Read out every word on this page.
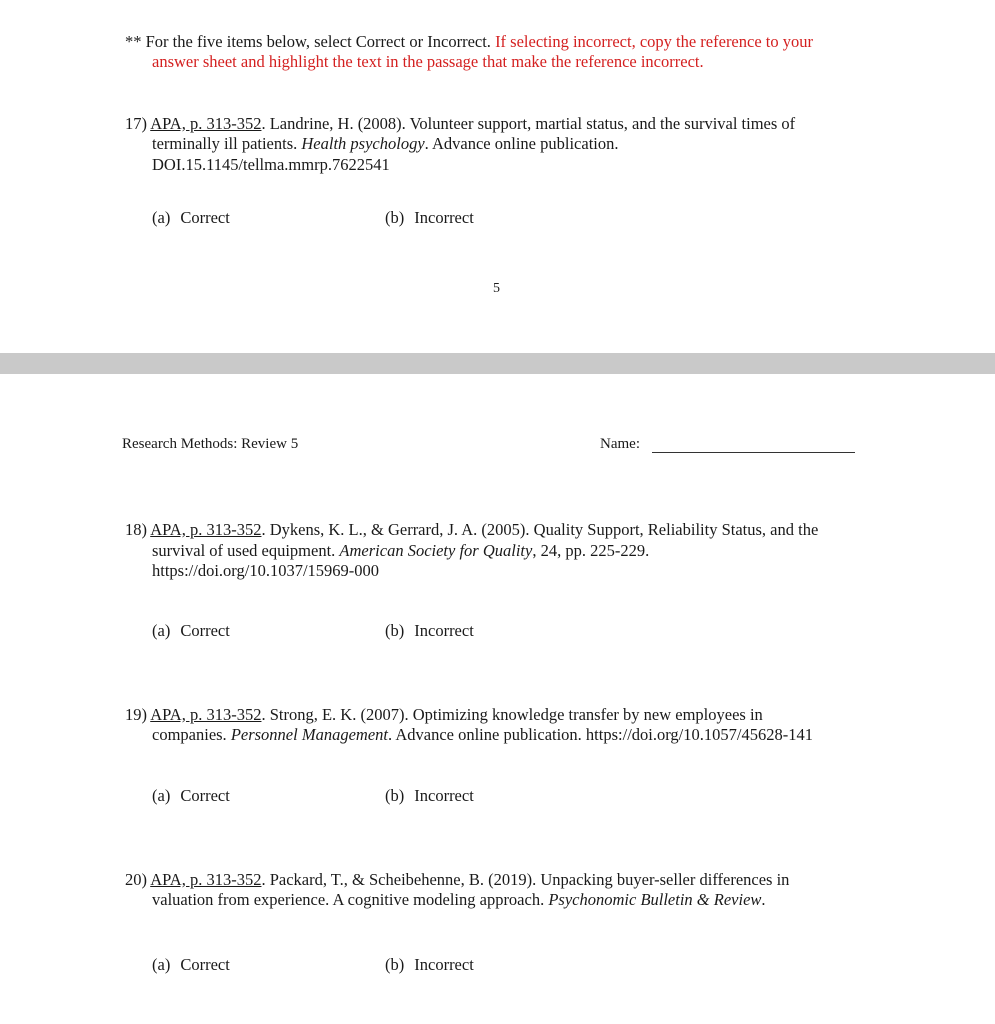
** For the five items below, select Correct or Incorrect. If selecting incorrect, copy the reference to your
answer sheet and highlight the text in the passage that make the reference incorrect.
17) APA, p. 313-352. Landrine, H. (2008). Volunteer support, martial status, and the survival times of
terminally ill patients. Health psychology. Advance online publication.
DOI.15.1145/tellma.mmrp.7622541
(a) Correct	(b) Incorrect
5
Research Methods: Review 5	Name:
18) APA, p. 313-352. Dykens, K. L., & Gerrard, J. A. (2005). Quality Support, Reliability Status, and the
survival of used equipment. American Society for Quality, 24, pp. 225-229.
https://doi.org/10.1037/15969-000
(a) Correct	(b) Incorrect
19) APA, p. 313-352. Strong, E. K. (2007). Optimizing knowledge transfer by new employees in
companies. Personnel Management. Advance online publication. https://doi.org/10.1057/45628-141
(a) Correct	(b) Incorrect
20) APA, p. 313-352. Packard, T., & Scheibehenne, B. (2019). Unpacking buyer-seller differences in
valuation from experience. A cognitive modeling approach. Psychonomic Bulletin & Review.
(a) Correct	(b) Incorrect
